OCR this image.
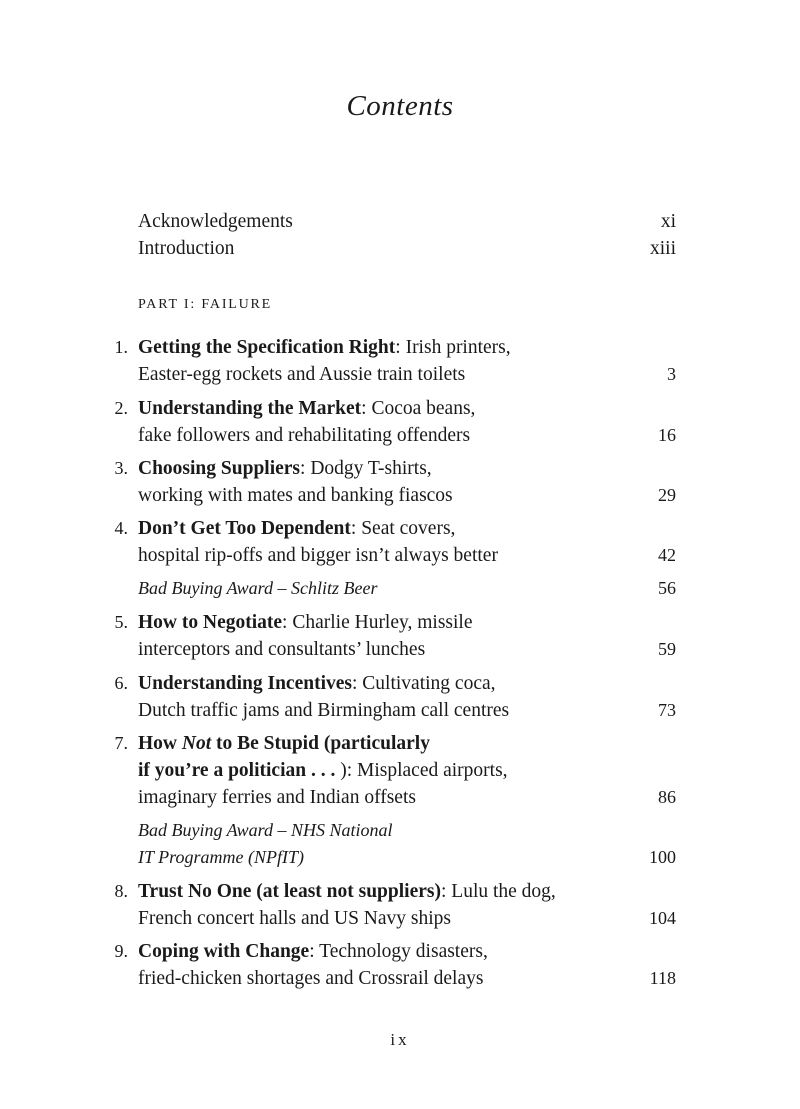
Contents
Acknowledgements	xi
Introduction	xiii
PART I: FAILURE
1. Getting the Specification Right: Irish printers,
Easter-egg rockets and Aussie train toilets	3
2. Understanding the Market: Cocoa beans,
fake followers and rehabilitating offenders	16
3. Choosing Suppliers: Dodgy T-shirts,
working with mates and banking fiascos	29
4. Don’t Get Too Dependent: Seat covers,
hospital rip-offs and bigger isn’t always better	42
Bad Buying Award – Schlitz Beer	56
5. How to Negotiate: Charlie Hurley, missile
interceptors and consultants’ lunches	59
6. Understanding Incentives: Cultivating coca,
Dutch traffic jams and Birmingham call centres	73
7. How Not to Be Stupid (particularly
if you’re a politician . . . ): Misplaced airports,
imaginary ferries and Indian offsets	86
Bad Buying Award – NHS National
IT Programme (NPfIT)	100
8. Trust No One (at least not suppliers): Lulu the dog,
French concert halls and US Navy ships	104
9. Coping with Change: Technology disasters,
fried-chicken shortages and Crossrail delays	118
ix
